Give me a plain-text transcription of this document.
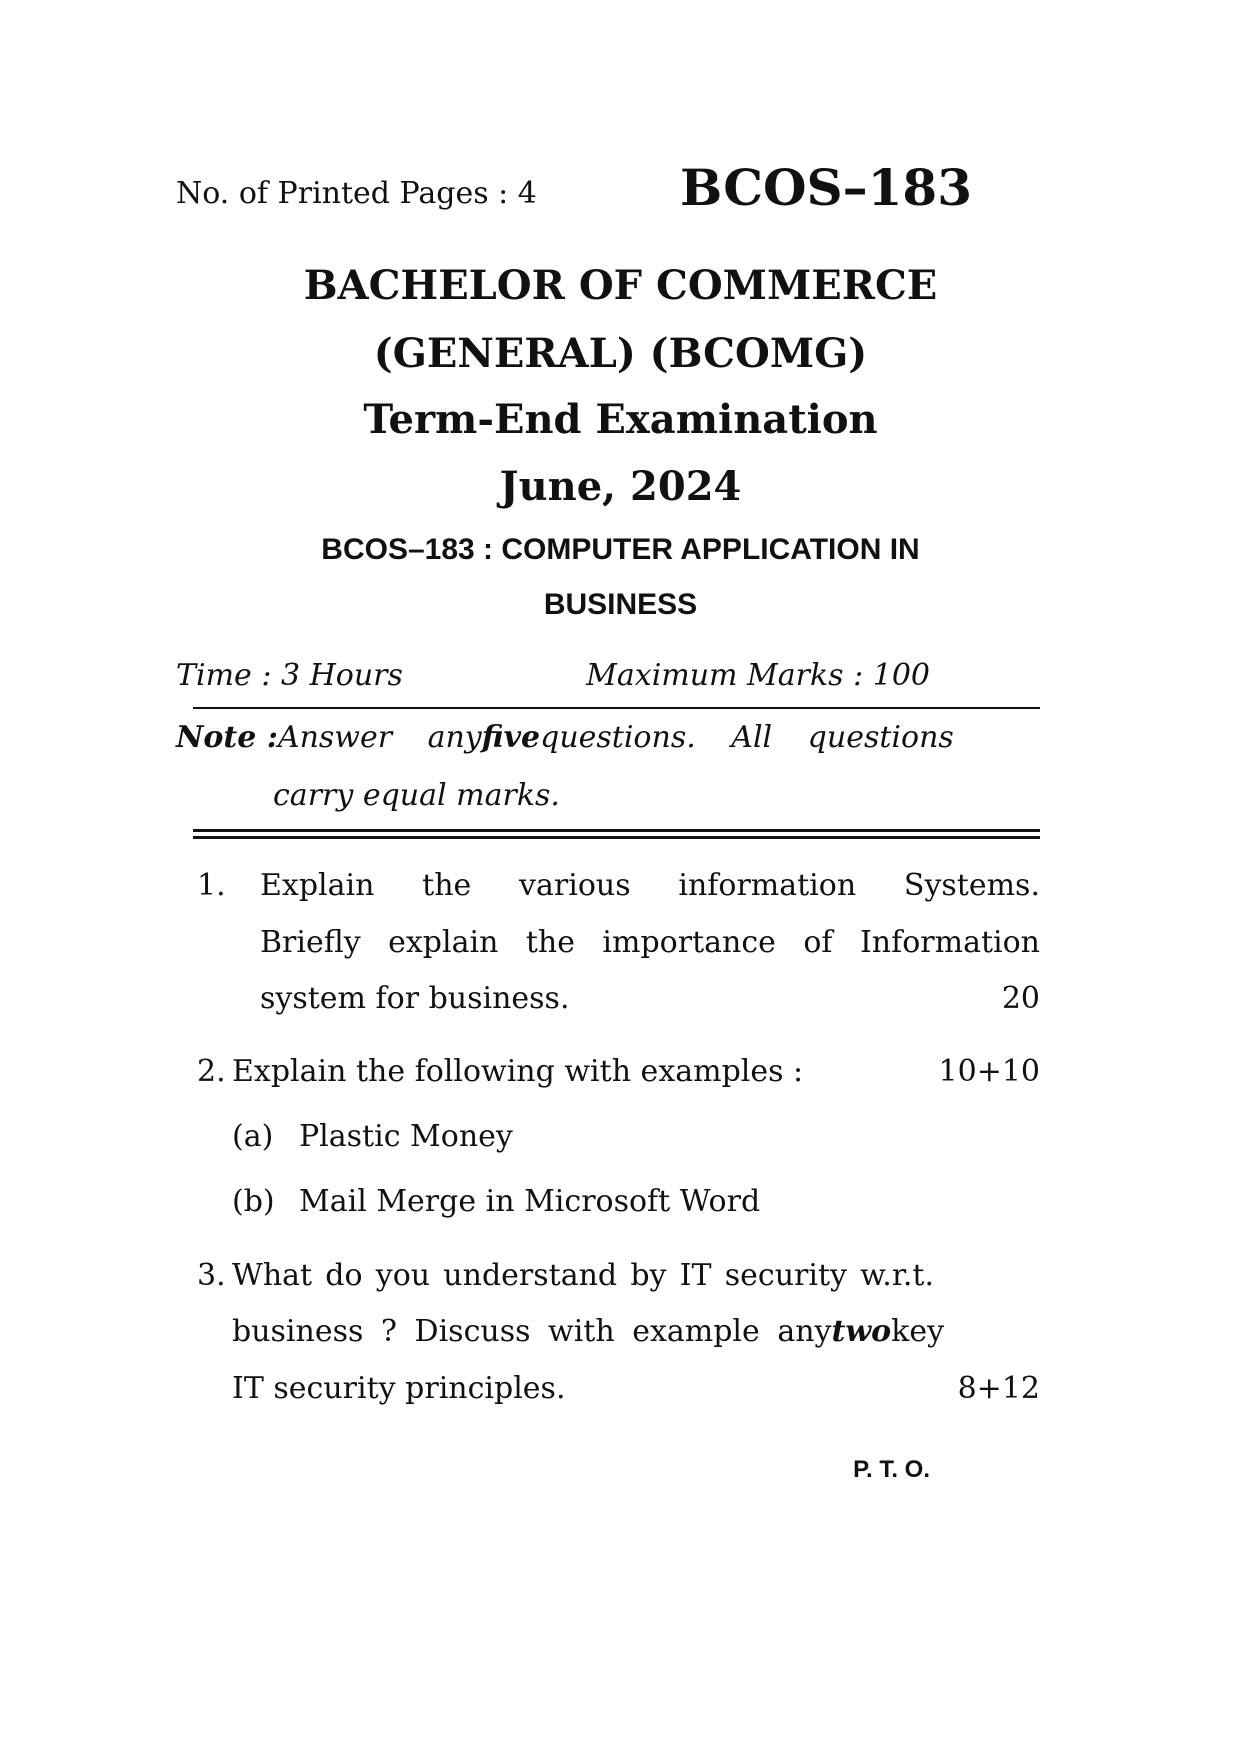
No. of Printed Pages : 4	BCOS–183
BACHELOR OF COMMERCE
(GENERAL) (BCOMG)
Term-End Examination
June, 2024
BCOS–183 : COMPUTER APPLICATION IN
BUSINESS
Time : 3 Hours	Maximum Marks : 100
Note : Answer any five questions. All questions
carry equal marks.
1. Explain the various information Systems.
Briefly explain the importance of Information
system for business.	20
2. Explain the following with examples :	10+10
(a) Plastic Money
(b) Mail Merge in Microsoft Word
3. What do you understand by IT security w.r.t.
business ? Discuss with example any two key
IT security principles.	8+12
P. T. O.
